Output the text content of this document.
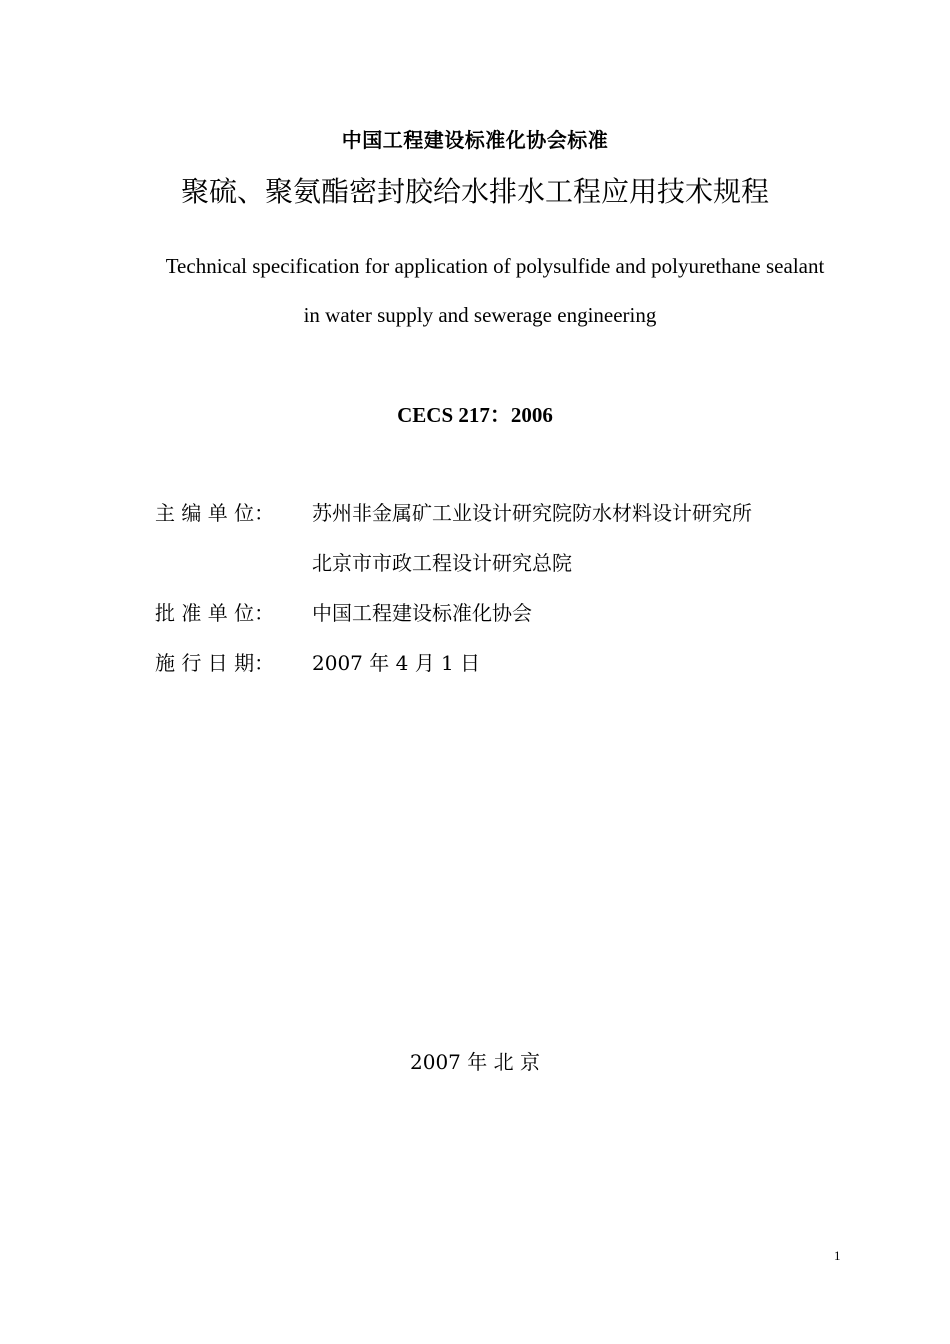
中国工程建设标准化协会标准
聚硫、聚氨酯密封胶给水排水工程应用技术规程
Technical specification for application of polysulfide and polyurethane sealant
in water supply and sewerage engineering
CECS 217：2006
主 编 单 位：	苏州非金属矿工业设计研究院防水材料设计研究所
北京市市政工程设计研究总院
批 准 单 位：	中国工程建设标准化协会
施 行 日 期：	2007 年 4 月 1 日
2007 年 北 京
1
